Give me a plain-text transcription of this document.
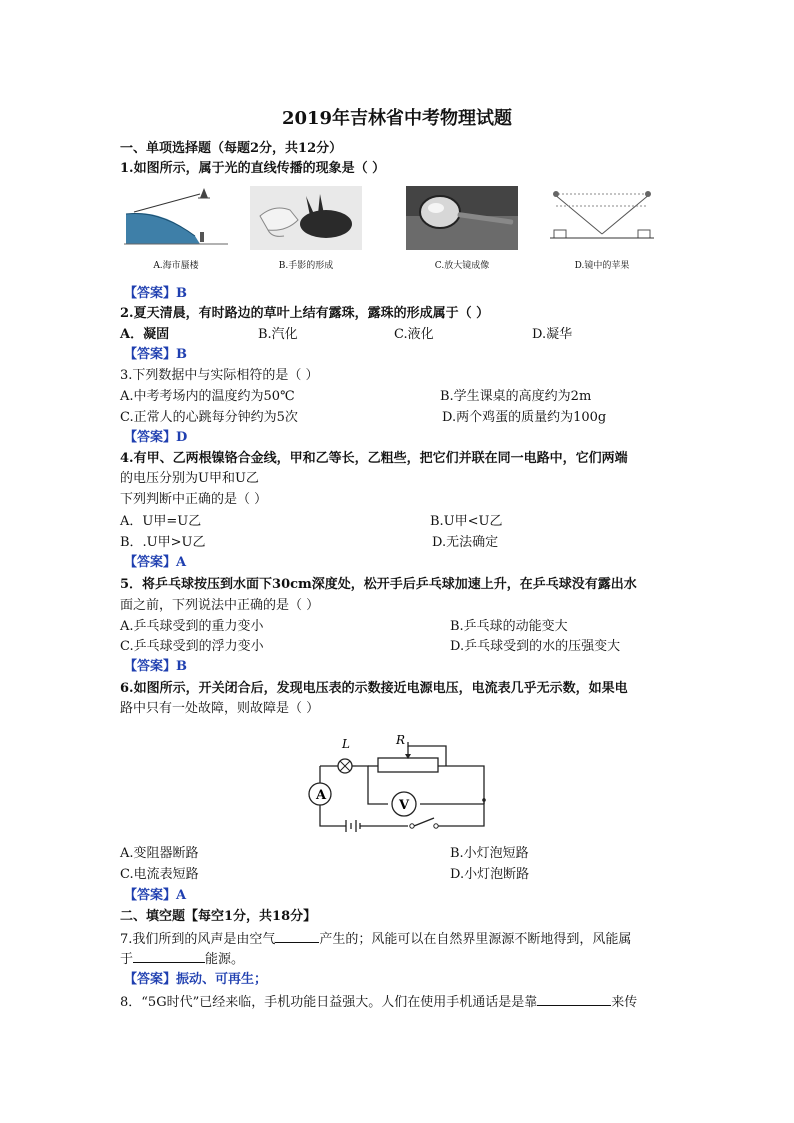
2019年吉林省中考物理试题
一、单项选择题（每题2分，共12分）
1.如图所示，属于光的直线传播的现象是（ ）
A.海市蜃楼	B.手影的形成	C.放大镜成像	D.镜中的苹果
【答案】B
2.夏天清晨，有时路边的草叶上结有露珠，露珠的形成属于（ ）
A．凝固	B.汽化	C.液化	D.凝华
【答案】B
3.下列数据中与实际相符的是（ ）
A.中考考场内的温度约为50℃	B.学生课桌的高度约为2m
C.正常人的心跳每分钟约为5次	D.两个鸡蛋的质量约为100g
【答案】D
4.有甲、乙两根镍铬合金线，甲和乙等长，乙粗些，把它们并联在同一电路中，它们两端
的电压分别为U甲和U乙
下列判断中正确的是（ ）
A．U甲=U乙	B.U甲<U乙
B．.U甲>U乙	D.无法确定
【答案】A
5．将乒乓球按压到水面下30cm深度处，松开手后乒乓球加速上升，在乒乓球没有露出水
面之前，下列说法中正确的是（ ）
A.乒乓球受到的重力变小	B.乒乓球的动能变大
C.乒乓球受到的浮力变小	D.乒乓球受到的水的压强变大
【答案】B
6.如图所示，开关闭合后，发现电压表的示数接近电源电压，电流表几乎无示数，如果电
路中只有一处故障，则故障是（ ）
A
V
L	R
A.变阻器断路	B.小灯泡短路
C.电流表短路	D.小灯泡断路
【答案】A
二、填空题【每空1分，共18分】
7.我们所到的风声是由空气	产生的；风能可以在自然界里源源不断地得到，风能属
于	能源。
【答案】振动、可再生；
8．“5G时代”已经来临，手机功能日益强大。人们在使用手机通话是是靠	来传
